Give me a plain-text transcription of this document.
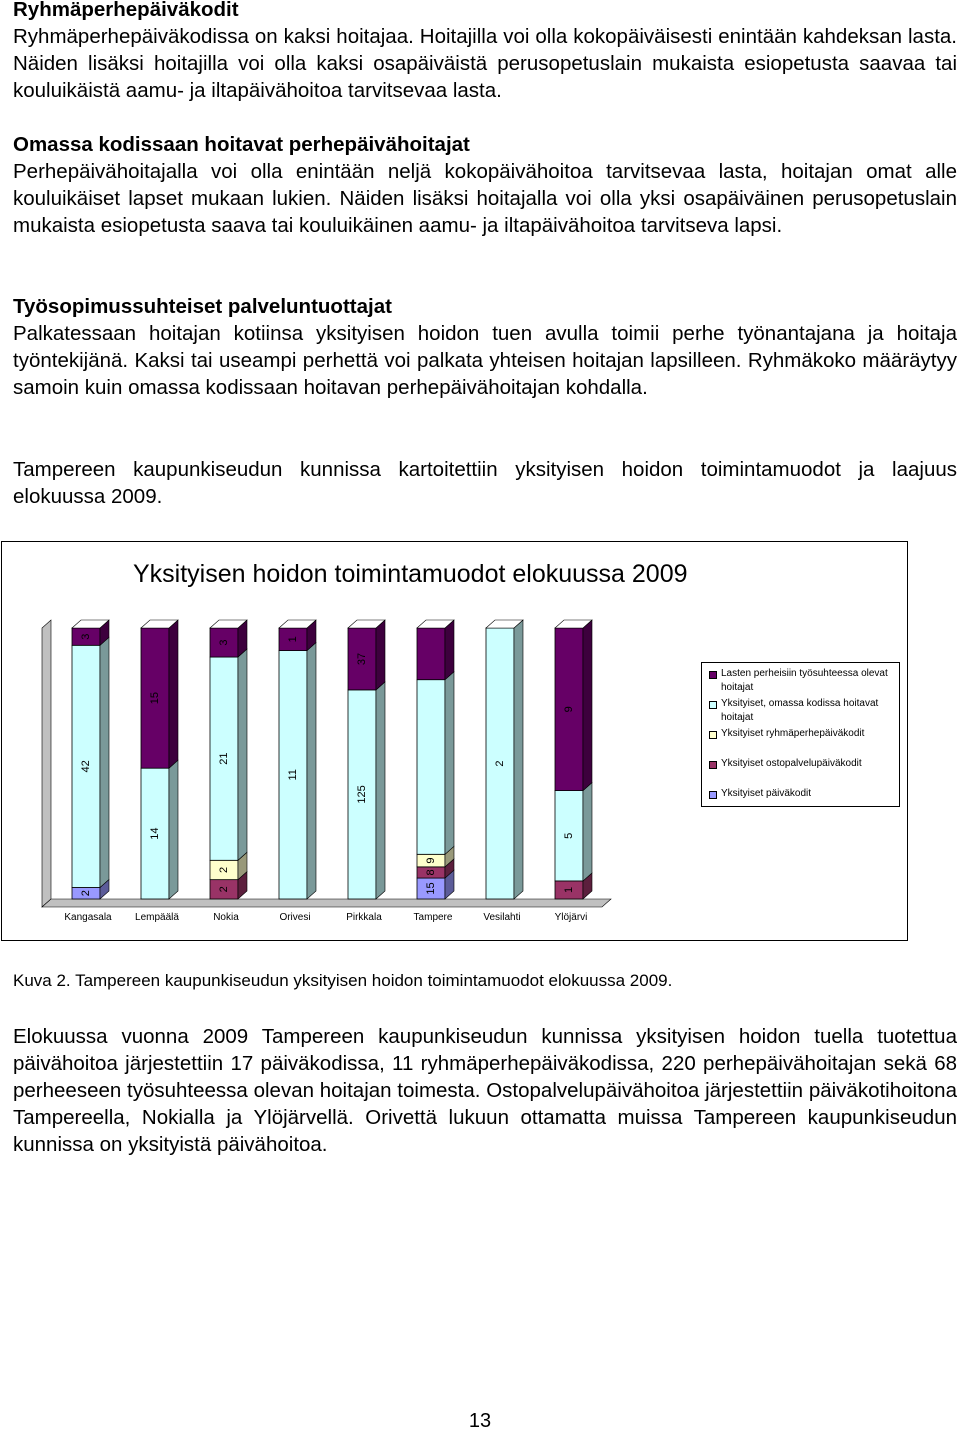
Ryhmäperhepäiväkodit

Ryhmäperhepäiväkodissa on kaksi hoitajaa. Hoitajilla voi olla kokopäiväisesti enintään kahdeksan lasta. Näiden lisäksi hoitajilla voi olla kaksi osapäiväistä perusopetuslain mukaista esiopetusta saavaa tai kouluikäistä aamu- ja iltapäivähoitoa tarvitsevaa lasta.

Omassa kodissaan hoitavat perhepäivähoitajat

Perhepäivähoitajalla voi olla enintään neljä kokopäivähoitoa tarvitsevaa lasta, hoitajan omat alle kouluikäiset lapset mukaan lukien. Näiden lisäksi hoitajalla voi olla yksi osapäiväinen perusopetuslain mukaista esiopetusta saava tai kouluikäinen aamu- ja iltapäivähoitoa tarvitseva lapsi.

Työsopimussuhteiset palveluntuottajat

Palkatessaan hoitajan kotiinsa yksityisen hoidon tuen avulla toimii perhe työnantajana ja hoitaja työntekijänä. Kaksi tai useampi perhettä voi palkata yhteisen hoitajan lapsilleen. Ryhmäkoko määräytyy samoin kuin omassa kodissaan hoitavan perhepäivähoitajan kohdalla.

Tampereen kaupunkiseudun kunnissa kartoitettiin yksityisen hoidon toimintamuodot ja laajuus elokuussa 2009.

Yksityisen hoidon toimintamuodot elokuussa 2009
2
42
3
Kangasala
14
15
Lempäälä
2
2
21
3
Nokia
11
1
Orivesi
125
37
Pirkkala
15
8
9
Tampere
2
Vesilahti
1
5
9
Ylöjärvi
Lasten perheisiin työsuhteessa olevat hoitajat
Yksityiset, omassa kodissa hoitavat hoitajat
Yksityiset ryhmäperhepäiväkodit
Yksityiset ostopalvelupäiväkodit
Yksityiset päiväkodit
Kuva 2. Tampereen kaupunkiseudun yksityisen hoidon toimintamuodot elokuussa 2009.

Elokuussa vuonna 2009 Tampereen kaupunkiseudun kunnissa yksityisen hoidon tuella tuotettua päivähoitoa järjestettiin 17 päiväkodissa, 11 ryhmäperhepäiväkodissa, 220 perhepäivähoitajan sekä 68 perheeseen työsuhteessa olevan hoitajan toimesta. Ostopalvelupäivähoitoa järjestettiin päiväkotihoitona Tampereella, Nokialla ja Ylöjärvellä. Orivettä lukuun ottamatta muissa Tampereen kaupunkiseudun kunnissa on yksityistä päivähoitoa.

13
